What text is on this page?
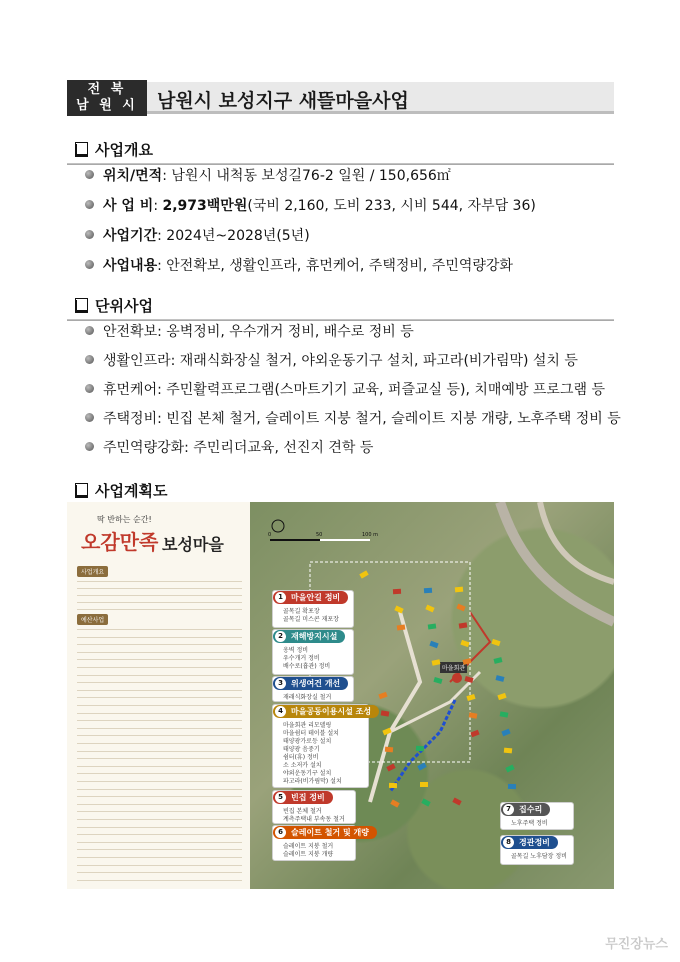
전 북
남 원 시	남원시 보성지구 새뜰마을사업
사업개요
위치/면적: 남원시 내척동 보성길76-2 일원 / 150,656㎡
사 업 비: 2,973백만원(국비 2,160, 도비 233, 시비 544, 자부담 36)
사업기간: 2024년~2028년(5년)
사업내용: 안전확보, 생활인프라, 휴먼케어, 주택정비, 주민역량강화
단위사업
안전확보: 옹벽정비, 우수개거 정비, 배수로 정비 등
생활인프라: 재래식화장실 철거, 야외운동기구 설치, 파고라(비가림막) 설치 등
휴먼케어: 주민활력프로그램(스마트기기 교육, 퍼즐교실 등), 치매예방 프로그램 등
주택정비: 빈집 본체 철거, 슬레이트 지붕 철거, 슬레이트 지붕 개량, 노후주택 정비 등
주민역량강화: 주민리더교육, 선진지 견학 등
사업계획도
딱 반하는 순간!
오감만족 보성마을
사업개요
예산사업
0	50	100 m
마을회관
1	마을안길 정비
골목길 확포장
골목길 미스콘 재포장
2	재해방지시설
옹벽 정비
우수개거 정비
배수로(흄관) 정비
3	위생여건 개선
재래식화장실 철거
4	마을공동이용시설 조성
마을회관 리모델링
마을쉼터 테이블 설치
태양광가로등 설치
태양광 음중기
쉼터(휴) 정비
소 소저카 설치
야외운동기구 설치
파고라(비가림막) 설치
5	빈집 정비
빈집 본체 철거
계측주택내 부속동 철거
6	슬레이트 철거 및 개량
슬레이트 지붕 철거
슬레이트 지붕 개량
7	집수리
노후주택 정비
8	경관정비
골목길 노후담장 정비
무진장뉴스
